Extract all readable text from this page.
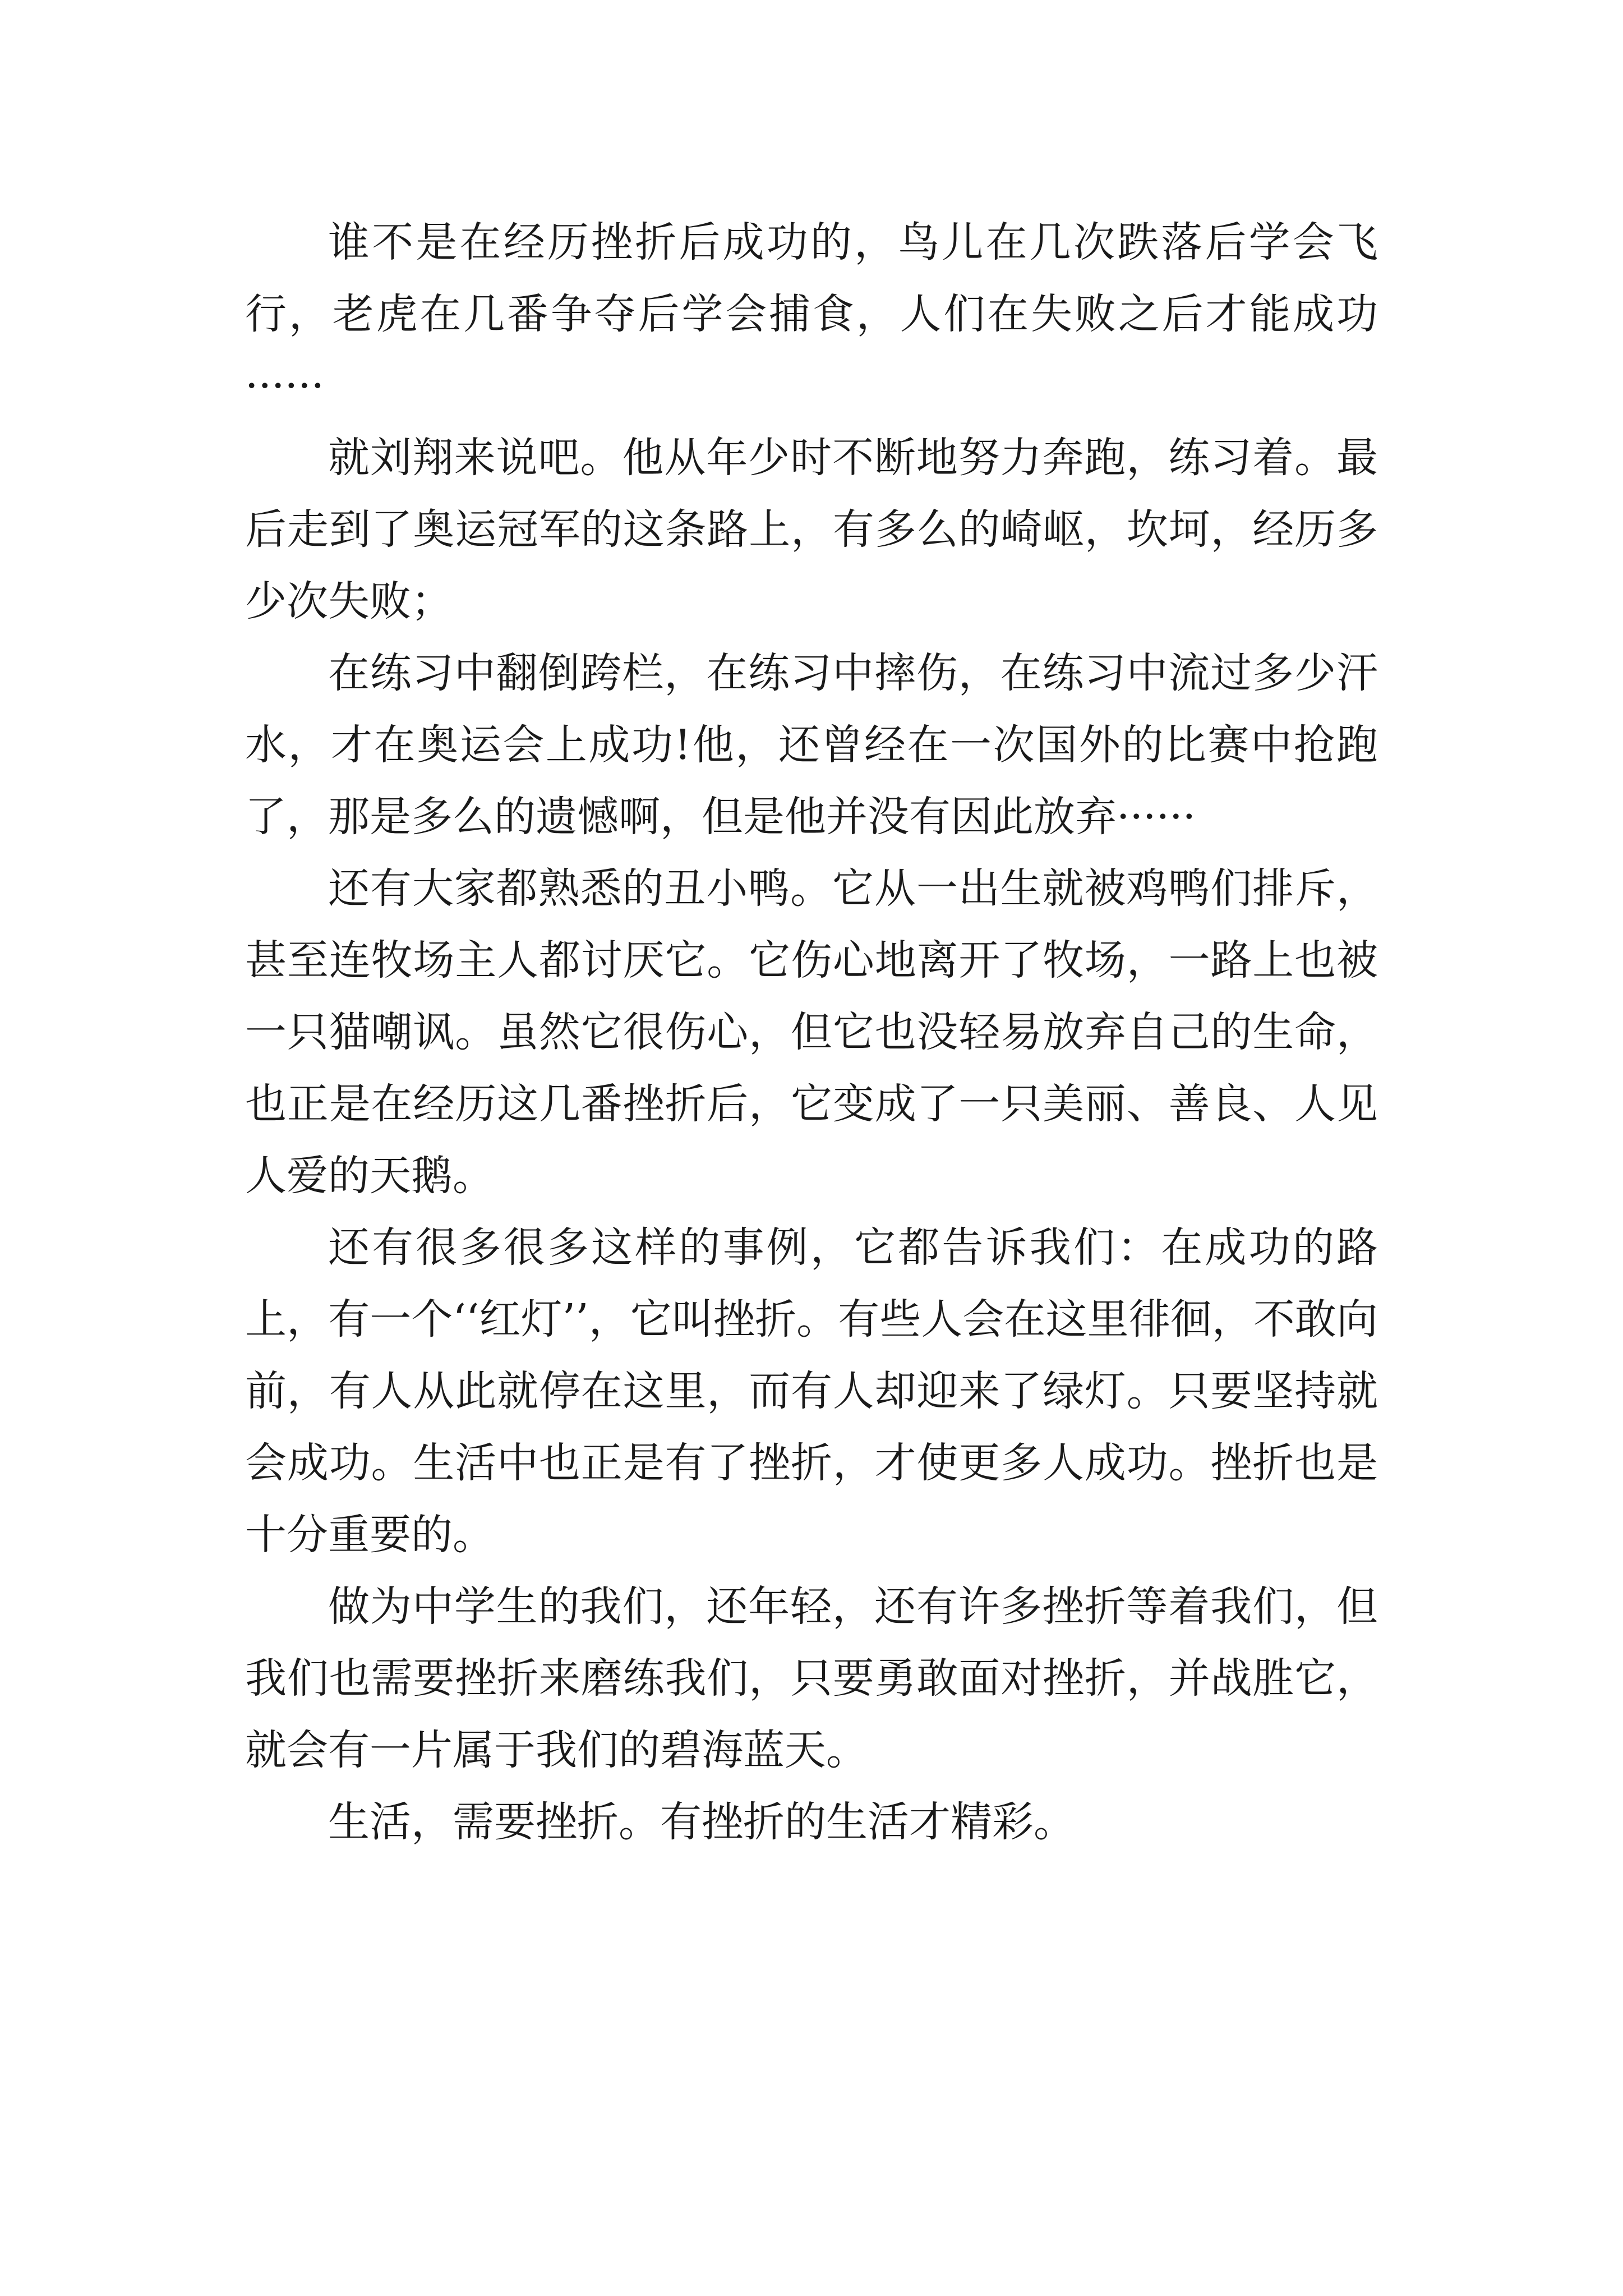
谁不是在经历挫折后成功的，鸟儿在几次跌落后学会飞行，老虎在几番争夺后学会捕食，人们在失败之后才能成功······

就刘翔来说吧。他从年少时不断地努力奔跑，练习着。最后走到了奥运冠军的这条路上，有多么的崎岖，坎坷，经历多少次失败；

在练习中翻倒跨栏，在练习中摔伤，在练习中流过多少汗水，才在奥运会上成功!他，还曾经在一次国外的比赛中抢跑了，那是多么的遗憾啊，但是他并没有因此放弃······

还有大家都熟悉的丑小鸭。它从一出生就被鸡鸭们排斥，甚至连牧场主人都讨厌它。它伤心地离开了牧场，一路上也被一只猫嘲讽。虽然它很伤心，但它也没轻易放弃自己的生命，也正是在经历这几番挫折后，它变成了一只美丽、善良、人见人爱的天鹅。

还有很多很多这样的事例，它都告诉我们：在成功的路上，有一个‘‘红灯’’，它叫挫折。有些人会在这里徘徊，不敢向前，有人从此就停在这里，而有人却迎来了绿灯。只要坚持就会成功。生活中也正是有了挫折，才使更多人成功。挫折也是十分重要的。

做为中学生的我们，还年轻，还有许多挫折等着我们，但我们也需要挫折来磨练我们，只要勇敢面对挫折，并战胜它，就会有一片属于我们的碧海蓝天。

生活，需要挫折。有挫折的生活才精彩。
